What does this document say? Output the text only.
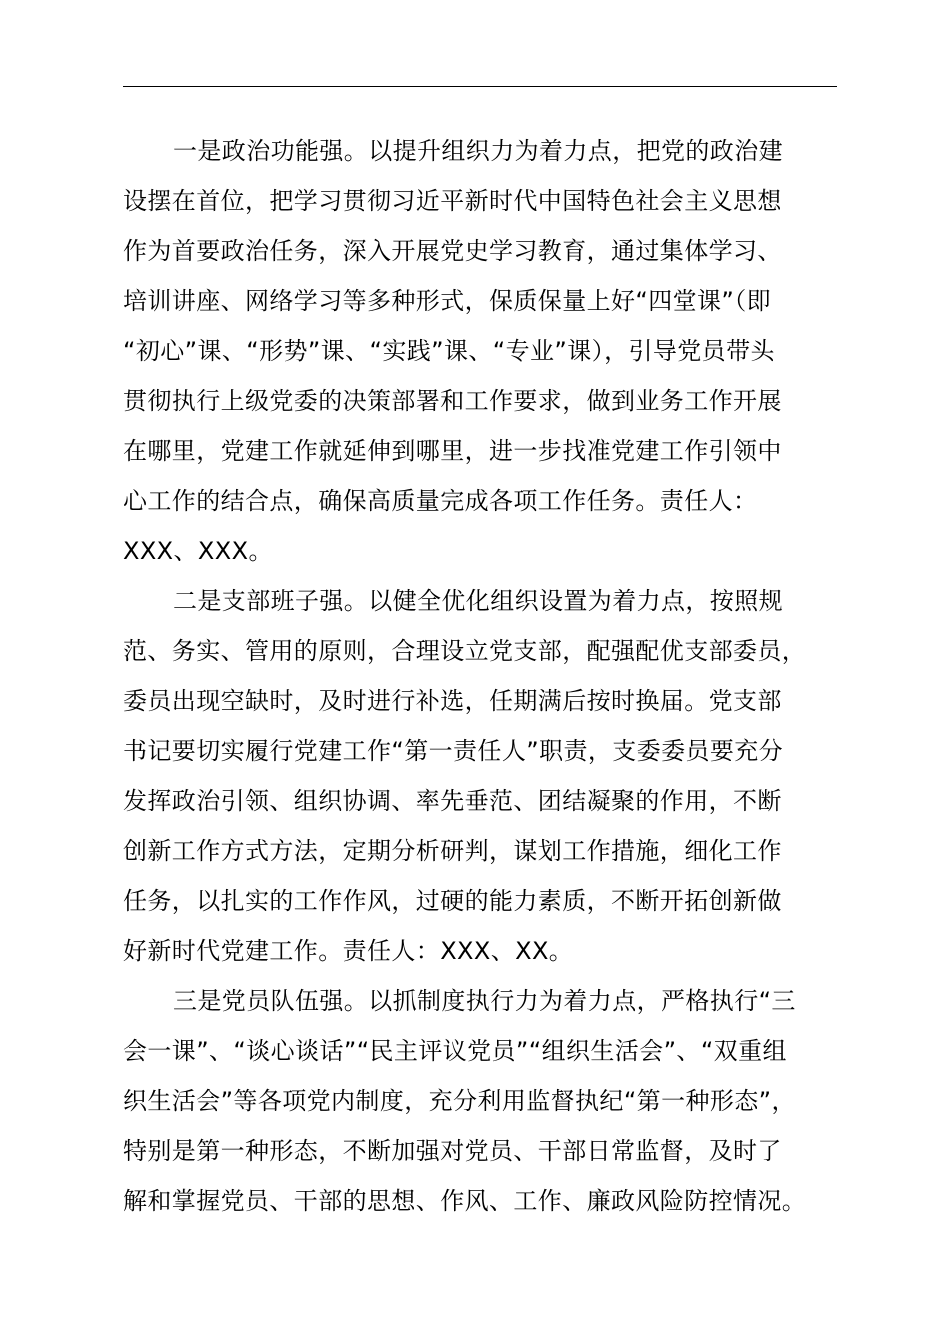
一是政治功能强。以提升组织力为着力点，把党的政治建
设摆在首位，把学习贯彻习近平新时代中国特色社会主义思想
作为首要政治任务，深入开展党史学习教育，通过集体学习、
培训讲座、网络学习等多种形式，保质保量上好“四堂课”（即
“初心”课、“形势”课、“实践”课、“专业”课），引导党员带头
贯彻执行上级党委的决策部署和工作要求，做到业务工作开展
在哪里，党建工作就延伸到哪里，进一步找准党建工作引领中
心工作的结合点，确保高质量完成各项工作任务。责任人：
XXX、XXX。
二是支部班子强。以健全优化组织设置为着力点，按照规
范、务实、管用的原则，合理设立党支部，配强配优支部委员，
委员出现空缺时，及时进行补选，任期满后按时换届。党支部
书记要切实履行党建工作“第一责任人”职责，支委委员要充分
发挥政治引领、组织协调、率先垂范、团结凝聚的作用，不断
创新工作方式方法，定期分析研判，谋划工作措施，细化工作
任务，以扎实的工作作风，过硬的能力素质，不断开拓创新做
好新时代党建工作。责任人：XXX、XX。
三是党员队伍强。以抓制度执行力为着力点，严格执行“三
会一课”、“谈心谈话”“民主评议党员”“组织生活会”、“双重组
织生活会”等各项党内制度，充分利用监督执纪“第一种形态”，
特别是第一种形态，不断加强对党员、干部日常监督，及时了
解和掌握党员、干部的思想、作风、工作、廉政风险防控情况。
